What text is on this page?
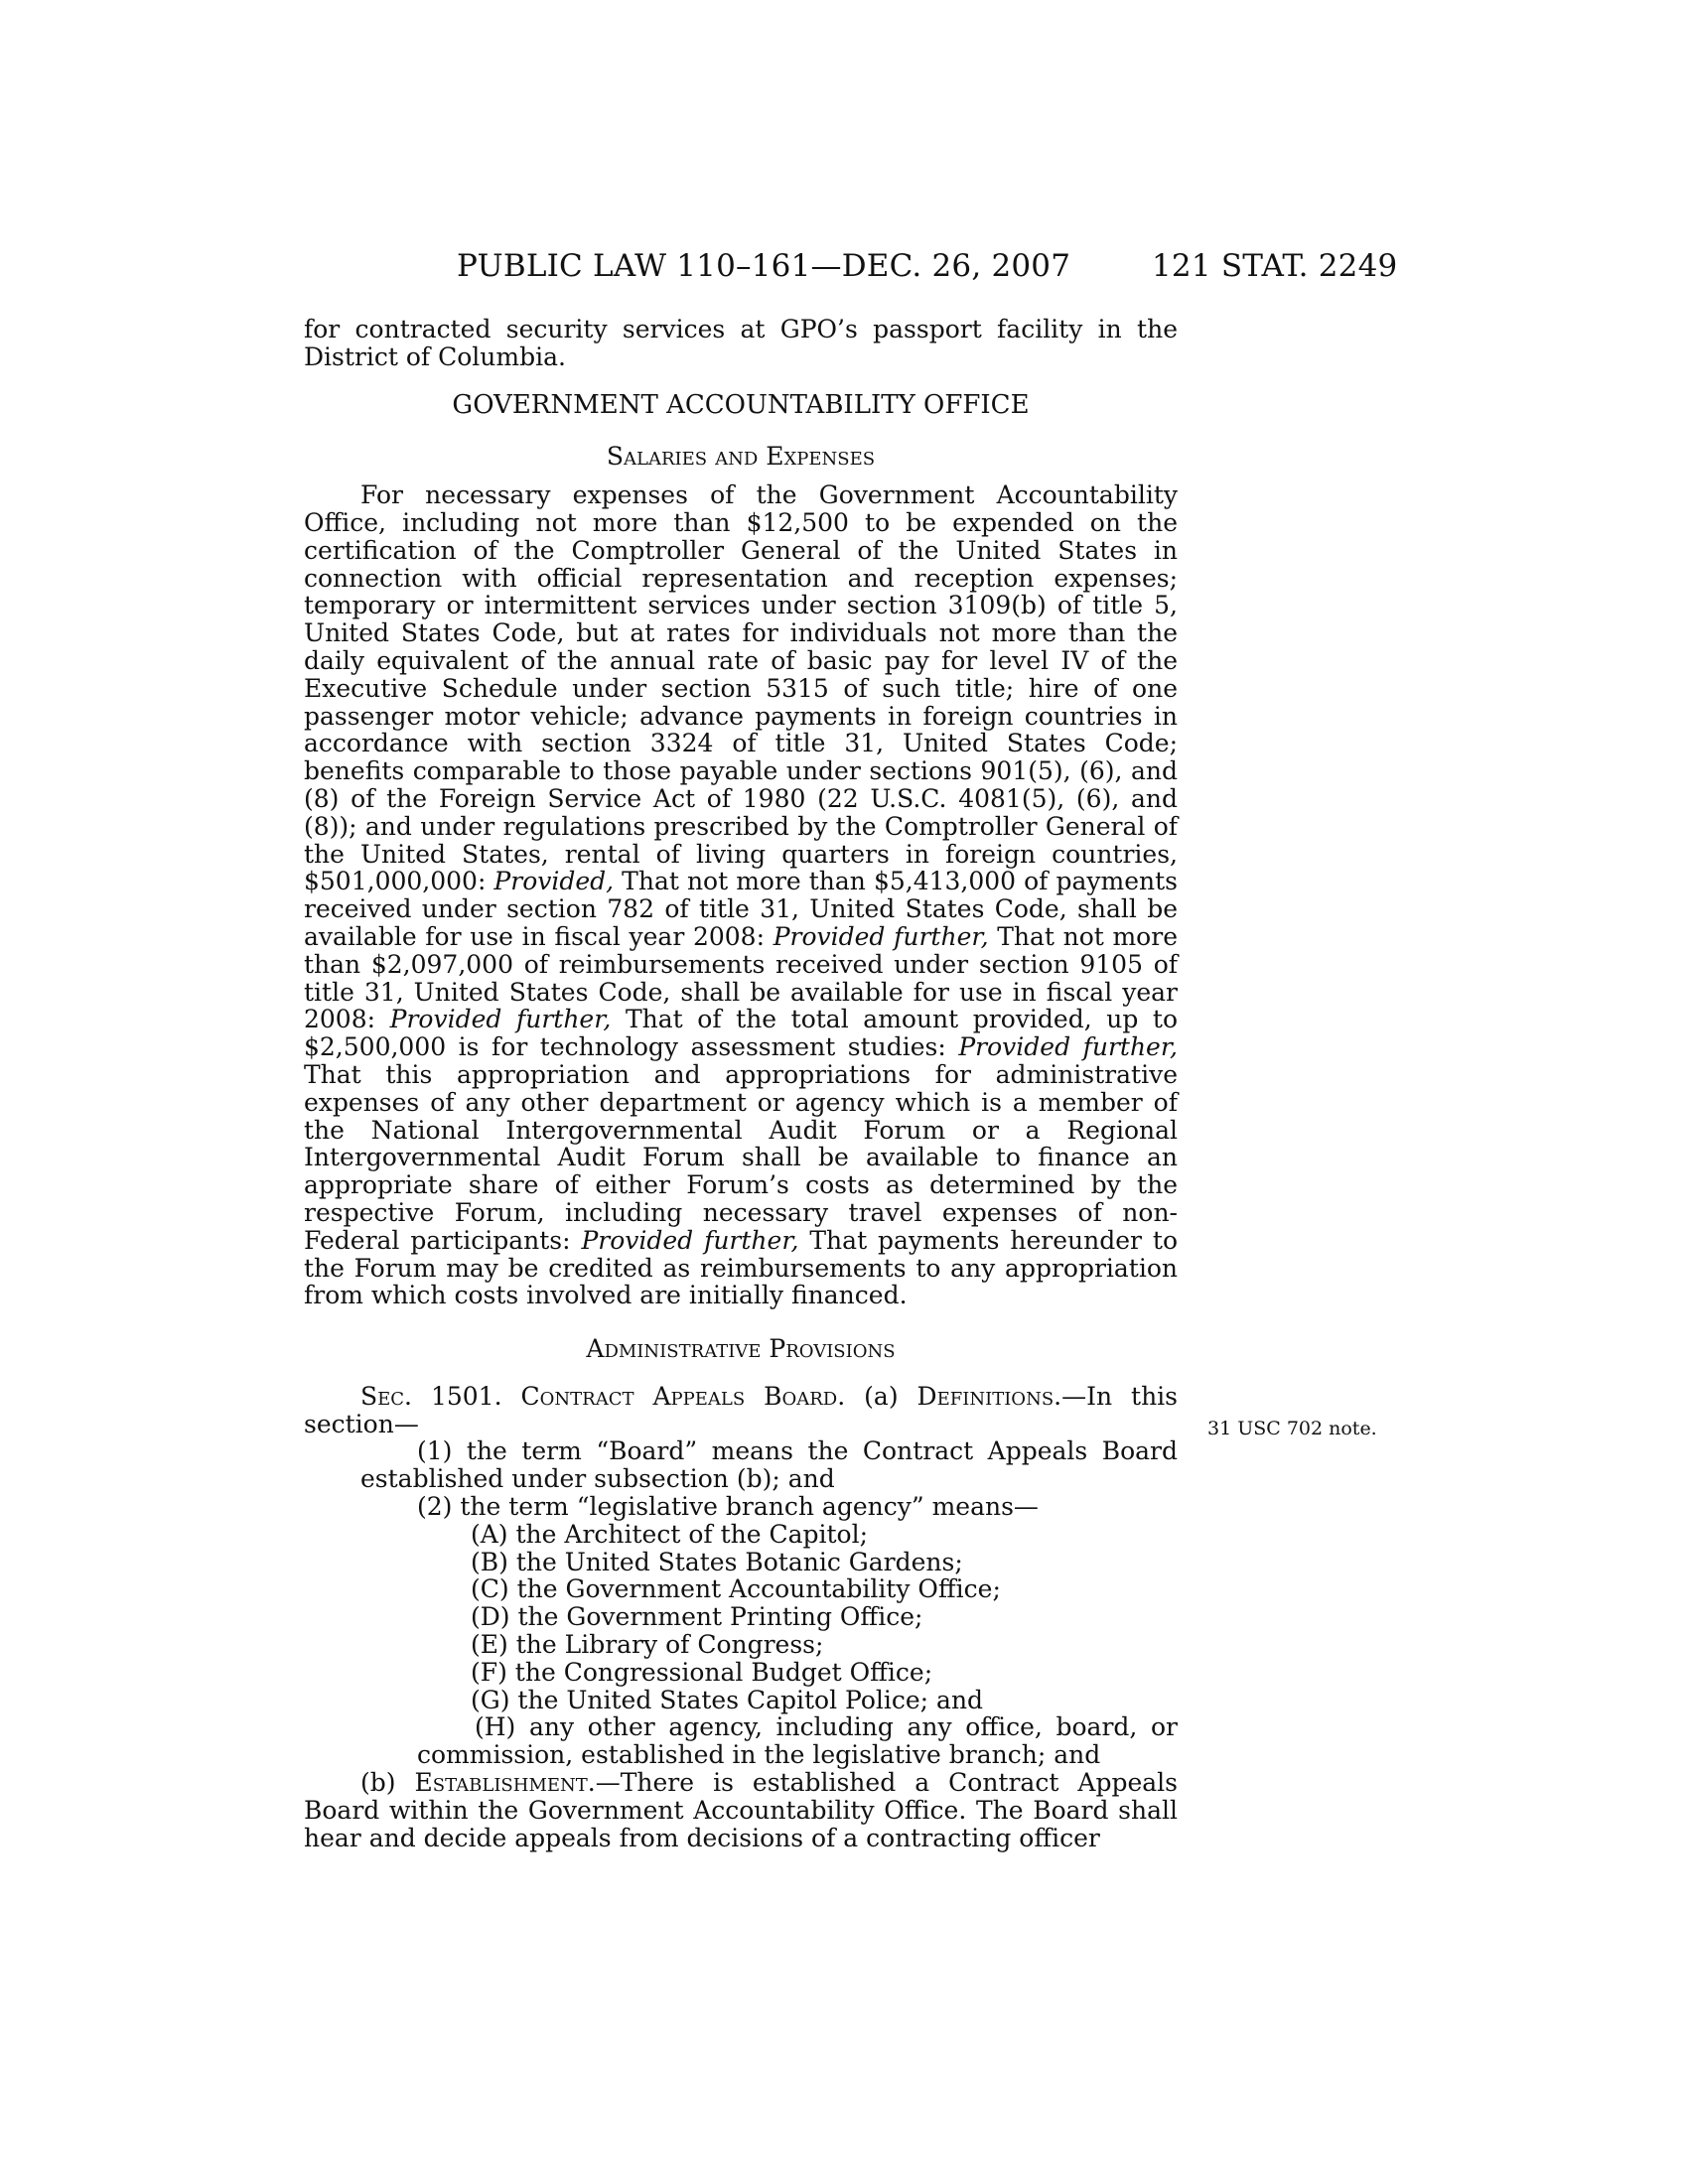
PUBLIC LAW 110–161—DEC. 26, 2007	121 STAT. 2249

for contracted security services at GPO’s passport facility in the District of Columbia.

GOVERNMENT ACCOUNTABILITY OFFICE

Salaries and Expenses

For necessary expenses of the Government Accountability Office, including not more than $12,500 to be expended on the certification of the Comptroller General of the United States in connection with official representation and reception expenses; temporary or intermittent services under section 3109(b) of title 5, United States Code, but at rates for individuals not more than the daily equivalent of the annual rate of basic pay for level IV of the Executive Schedule under section 5315 of such title; hire of one passenger motor vehicle; advance payments in foreign countries in accordance with section 3324 of title 31, United States Code; benefits comparable to those payable under sections 901(5), (6), and (8) of the Foreign Service Act of 1980 (22 U.S.C. 4081(5), (6), and (8)); and under regulations prescribed by the Comptroller General of the United States, rental of living quarters in foreign countries, $501,000,000: Provided, That not more than $5,413,000 of payments received under section 782 of title 31, United States Code, shall be available for use in fiscal year 2008: Provided further, That not more than $2,097,000 of reimbursements received under section 9105 of title 31, United States Code, shall be available for use in fiscal year 2008: Provided further, That of the total amount provided, up to $2,500,000 is for technology assessment studies: Provided further, That this appropriation and appropriations for administrative expenses of any other department or agency which is a member of the National Intergovernmental Audit Forum or a Regional Intergovernmental Audit Forum shall be available to finance an appropriate share of either Forum’s costs as determined by the respective Forum, including necessary travel expenses of non-Federal participants: Provided further, That payments hereunder to the Forum may be credited as reimbursements to any appropriation from which costs involved are initially financed.

Administrative Provisions

Sec. 1501. Contract Appeals Board. (a) Definitions.—In this section—

(1) the term “Board” means the Contract Appeals Board established under subsection (b); and

(2) the term “legislative branch agency” means—

(A) the Architect of the Capitol;

(B) the United States Botanic Gardens;

(C) the Government Accountability Office;

(D) the Government Printing Office;

(E) the Library of Congress;

(F) the Congressional Budget Office;

(G) the United States Capitol Police; and

(H) any other agency, including any office, board, or commission, established in the legislative branch; and

(b) Establishment.—There is established a Contract Appeals Board within the Government Accountability Office. The Board shall hear and decide appeals from decisions of a contracting officer

31 USC 702 note.
